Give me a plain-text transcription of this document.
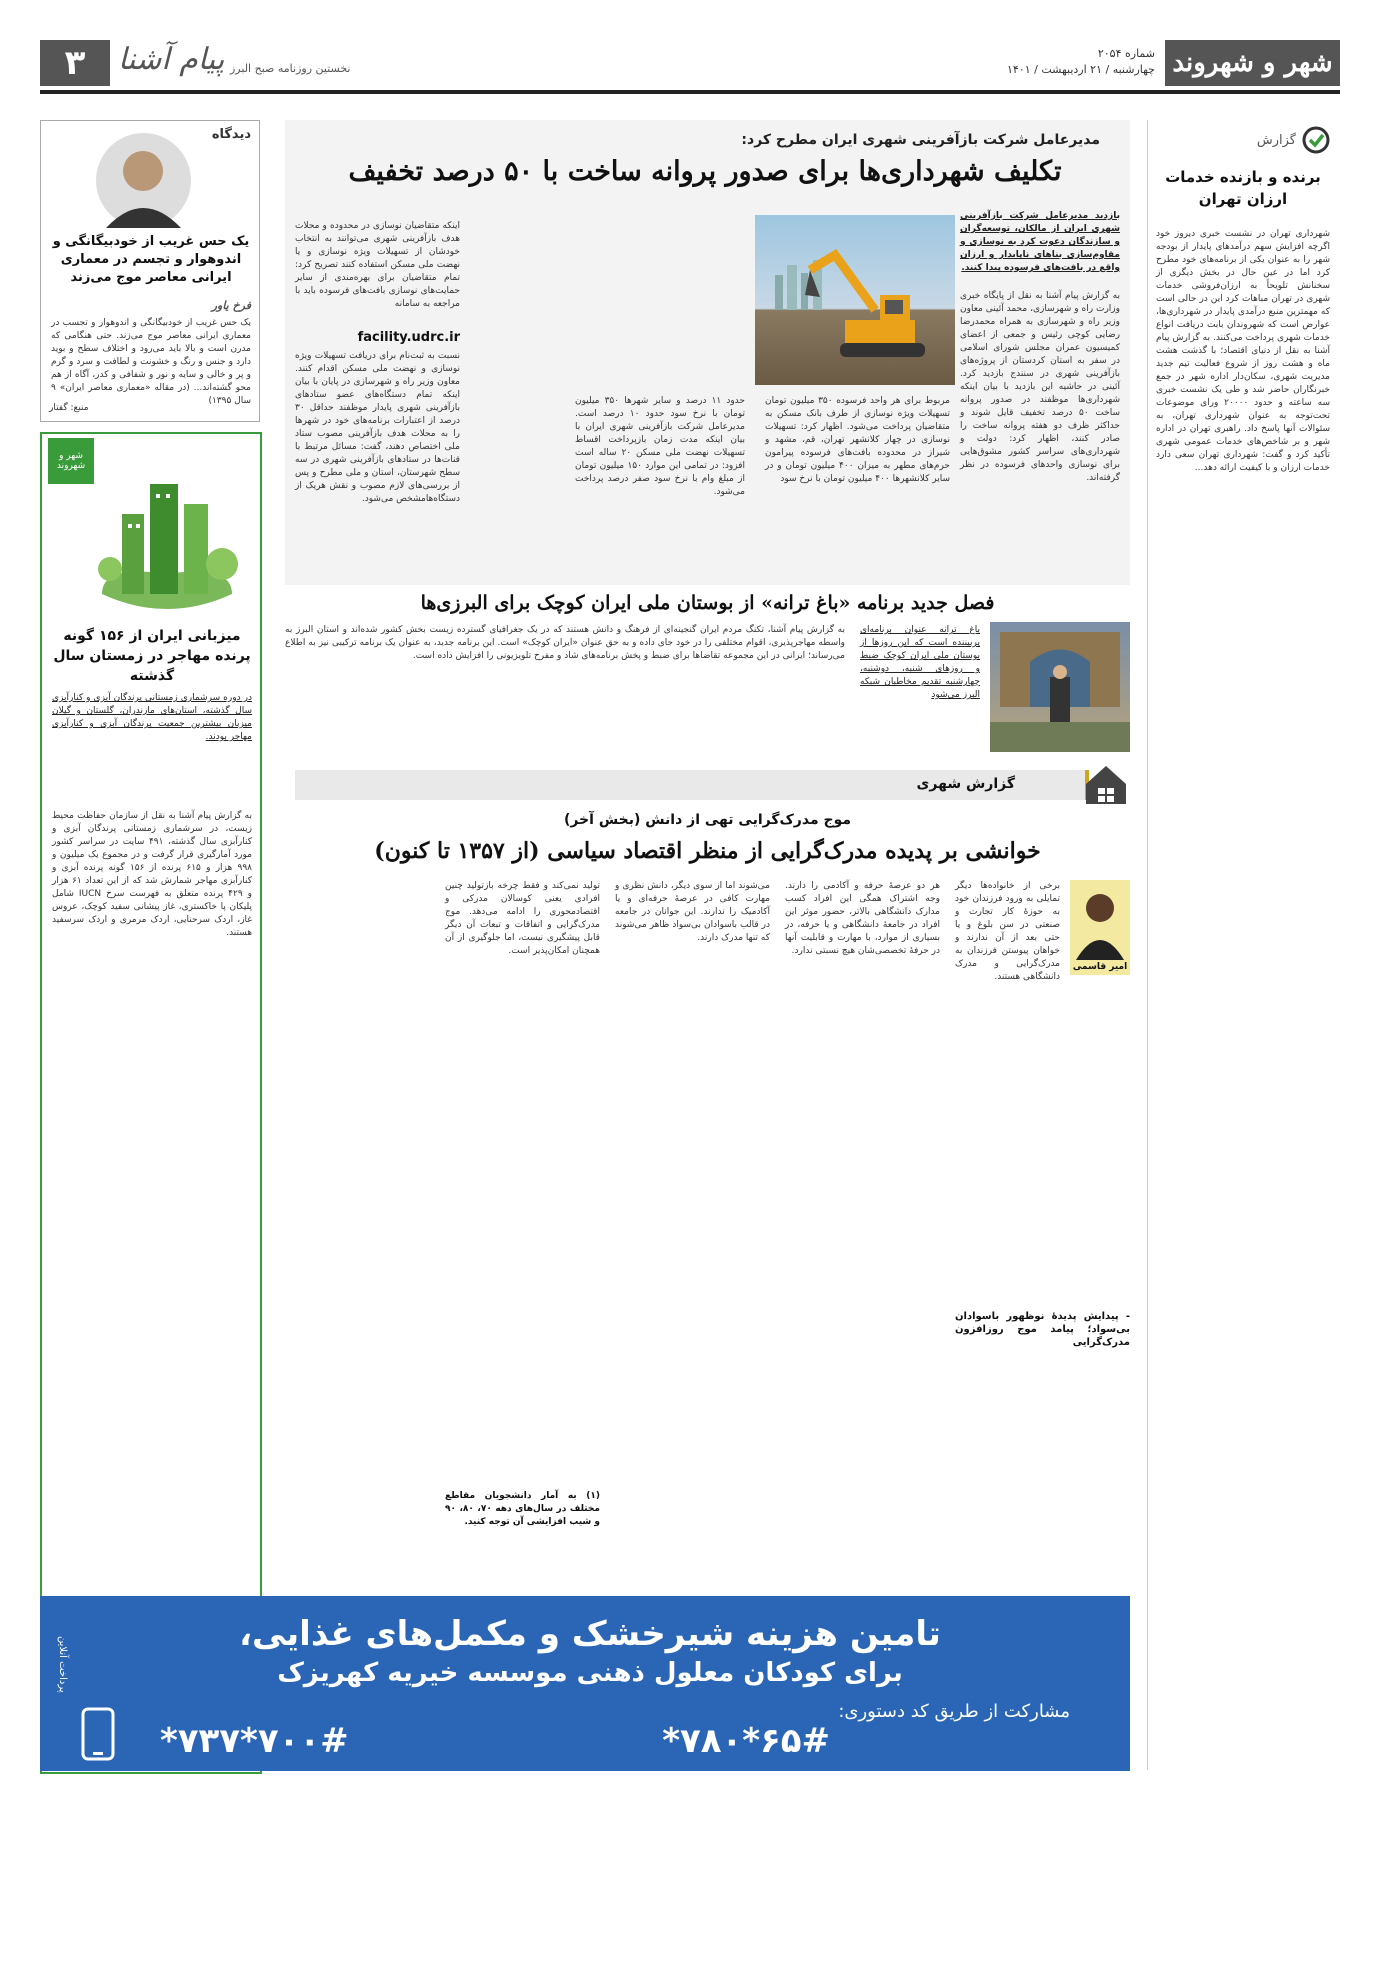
شهر و شهروند
شماره ۲۰۵۴
چهارشنبه / ۲۱ اردیبهشت / ۱۴۰۱
۳	پیام آشنا نخستین روزنامه صبح البرز
گزارش
برنده و بازنده خدمات ارزان تهران
شهرداری تهران در نشست خبری دیروز خود اگرچه افزایش سهم درآمدهای پایدار از بودجه شهر را به عنوان یکی از برنامه‌های خود مطرح کرد اما در عین حال در بخش دیگری از سخنانش تلویحاً به ارزان‌فروشی خدمات شهری در تهران مباهات کرد این در حالی است که مهمترین منبع درآمدی پایدار در شهرداری‌ها، عوارض است که شهروندان بابت دریافت انواع خدمات شهری پرداخت می‌کنند. به گزارش پیام آشنا به نقل از دنیای اقتصاد؛ با گذشت هشت ماه و هشت روز از شروع فعالیت تیم جدید مدیریت شهری، سکان‌دار اداره شهر در جمع خبرنگاران حاضر شد و طی یک نشست خبری سه ساعته و حدود ۲۰۰۰۰ ورای موضوعات تحت‌توجه به عنوان شهرداری تهران، به سئوالات آنها پاسخ داد. راهبری تهران در اداره شهر و بر شاخص‌های خدمات عمومی شهری تأکید کرد و گفت: شهرداری تهران سعی دارد خدمات ارزان و با کیفیت ارائه دهد...
مدیرعامل شرکت بازآفرینی شهری ایران مطرح کرد:
تکلیف شهرداری‌ها برای صدور پروانه ساخت با ۵۰ درصد تخفیف
بازدید مدیرعامل شرکت بازآفرینی شهری ایران از مالکان، توسعه‌گران و سازندگان دعوت کرد به نوسازی و مقاوم‌سازی بناهای ناپایدار و ارزان واقع در بافت‌های فرسوده پیدا کنند.
به گزارش پیام آشنا به نقل از پایگاه خبری وزارت راه و شهرسازی، محمد آئینی معاون وزیر راه و شهرسازی به همراه محمدرضا رضایی کوچی رئیس و جمعی از اعضای کمیسیون عمران مجلس شورای اسلامی در سفر به استان کردستان از پروژه‌های بازآفرینی شهری در سنندج بازدید کرد. آئینی در حاشیه این بازدید با بیان اینکه شهرداری‌ها موظفند در صدور پروانه ساخت ۵۰ درصد تخفیف قایل شوند و حداکثر ظرف دو هفته پروانه ساخت را صادر کنند، اظهار کرد: دولت و شهرداری‌های سراسر کشور مشوق‌هایی برای نوسازی واحدهای فرسوده در نظر گرفته‌اند.
مربوط برای هر واحد فرسوده ۳۵۰ میلیون تومان تسهیلات ویژه نوسازی از طرف بانک مسکن به متقاضیان پرداخت می‌شود. اظهار کرد: تسهیلات نوسازی در چهار کلانشهر تهران، قم، مشهد و شیراز در محدوده بافت‌های فرسوده پیرامون حرم‌های مطهر به میزان ۴۰۰ میلیون تومان و در سایر کلانشهرها ۴۰۰ میلیون تومان با نرخ سود
حدود ۱۱ درصد و سایر شهرها ۳۵۰ میلیون تومان با نرخ سود حدود ۱۰ درصد است. مدیرعامل شرکت بازآفرینی شهری ایران با بیان اینکه مدت زمان بازپرداخت اقساط تسهیلات نهضت ملی مسکن ۲۰ ساله است افزود: در تمامی این موارد ۱۵۰ میلیون تومان از مبلغ وام با نرخ سود صفر درصد پرداخت می‌شود.
اینکه متقاضیان نوسازی در محدوده و محلات هدف بازآفرینی شهری می‌توانند به انتخاب خودشان از تسهیلات ویژه نوسازی و یا نهضت ملی مسکن استفاده کنند تصریح کرد: تمام متقاضیان برای بهره‌مندی از سایر حمایت‌های نوسازی بافت‌های فرسوده باید با مراجعه به سامانه
facility.udrc.ir
نسبت به ثبت‌نام برای دریافت تسهیلات ویژه نوسازی و نهضت ملی مسکن اقدام کنند. معاون وزیر راه و شهرسازی در پایان با بیان اینکه تمام دستگاه‌های عضو ستادهای بازآفرینی شهری پایدار موظفند حداقل ۳۰ درصد از اعتبارات برنامه‌های خود در شهرها را به محلات هدف بازآفرینی مصوب ستاد ملی اختصاص دهند، گفت: مسائل مرتبط با قنات‌ها در ستادهای بازآفرینی شهری در سه سطح شهرستان، استان و ملی مطرح و پس از بررسی‌های لازم مصوب و نقش هریک از دستگاه‌هامشخص می‌شود.
فصل جدید برنامه «باغ ترانه» از بوستان ملی ایران کوچک برای البرزی‌ها
باغ ترانه عنوان برنامه‌ای پربیننده است که این روزها از بوستان ملی ایران کوچک ضبط و روزهای شنبه، دوشنبه، چهارشنبه تقدیم مخاطبان شبکه البرز می‌شود
به گزارش پیام آشنا، تکنگ مردم ایران گنجینه‌ای از فرهنگ و دانش هستند که در یک جغرافیای گسترده زیست بخش کشور شده‌اند و استان البرز به واسطه مهاجرپذیری، اقوام مختلفی را در خود جای داده و به حق عنوان «ایران کوچک» است. این برنامه جدید، به عنوان یک برنامه ترکیبی نیز به اطلاع می‌رساند؛ ایرانی در این مجموعه تقاضاها برای ضبط و پخش برنامه‌های شاد و مفرح تلویزیونی را افزایش داده است.
گزارش شهری
موج مدرک‌گرایی تهی از دانش (بخش آخر)
خوانشی بر پدیده مدرک‌گرایی از منظر اقتصاد سیاسی (از ۱۳۵۷ تا کنون)
امیر قاسمی
برخی از خانواده‌ها دیگر تمایلی به ورود فرزندان خود به حوزۀ کار تجارت و صنعتی در سن بلوغ و یا حتی بعد از آن ندارند و خواهان پیوستن فرزندان به مدرک‌گرایی و مدرک دانشگاهی هستند.
- پیدایش پدیدۀ نوظهور باسوادان بی‌سواد؛ پیامد موج روزافزون مدرک‌گرایی
هر دو عرصۀ حرفه و آکادمی را دارند. وجه اشتراک همگی این افراد کسب مدارک دانشگاهی بالاتر، حضور موثر این افراد در جامعۀ دانشگاهی و یا حرفه، در بسیاری از موارد، با مهارت و قابلیت آنها در حرفۀ تخصصی‌شان هیچ نسبتی ندارد.
می‌شوند اما از سوی دیگر، دانش نظری و مهارت کافی در عرصۀ حرفه‌ای و یا آکادمیک را ندارند. این جوانان در جامعه در قالب باسوادان بی‌سواد ظاهر می‌شوند که تنها مدرک دارند.
تولید نمی‌کند و فقط چرخه بازتولید چنین افرادی یعنی کوسالان مدرکی و اقتصادمحوری را ادامه می‌دهد. موج مدرک‌گرایی و اتفاقات و تبعات آن دیگر قابل پیشگیری نیست، اما جلوگیری از آن همچنان امکان‌پذیر است.
(۱) به آمار دانشجویان مقاطع مختلف در سال‌های دهه ۷۰، ۸۰، ۹۰ و شیب افزایشی آن توجه کنید.
دیدگاه
یک حس غریب از خودبیگانگی و اندوهوار و تجسم در معماری ایرانی معاصر موج می‌زند
فرخ یاور
یک حس غریب از خودبیگانگی و اندوهوار و تجسب در معماری ایرانی معاصر موج می‌زند. حتی هنگامی که مدرن است و بالا باید می‌رود و اختلاف سطح و بوید دارد و جنس و رنگ و خشونت و لطافت و سرد و گرم و پر و خالی و سایه و نور و شفافی و کدر، آگاه از هم محو گشته‌اند... (در مقاله «معماری معاصر ایران» ۹ سال ۱۳۹۵)
منبع: گفتار
شهر و شهروند
میزبانی ایران از ۱۵۶ گونه پرنده مهاجر در زمستان سال گذشته
در دوره سرشماری زمستانی پرندگان آبزی و کنارآبزی سال گذشته، استان‌های مازندران، گلستان و گیلان میزبان بیشترین جمعیت پرندگان آبزی و کنارآبزی مهاجر بودند.
به گزارش پیام آشنا به نقل از سازمان حفاظت محیط زیست، در سرشماری زمستانی پرندگان آبزی و کنارآبزی سال گذشته، ۴۹۱ سایت در سراسر کشور مورد آمارگیری قرار گرفت و در مجموع یک میلیون و ۹۹۸ هزار و ۶۱۵ پرنده از ۱۵۶ گونه پرنده آبزی و کنارآبزی مهاجر شمارش شد که از این تعداد ۶۱ هزار و ۴۲۹ پرنده متعلق به فهرست سرخ IUCN شامل پلیکان پا خاکستری، غاز پیشانی سفید کوچک، عروس غاز، اردک سرحنایی، اردک مرمری و اردک سرسفید هستند.
تامین هزینه شیرخشک و مکمل‌های غذایی،
برای کودکان معلول ذهنی موسسه خیریه کهریزک
مشارکت از طریق کد دستوری:
*۷۸۰*۶۵#
*۷۳۷*۷۰۰#
پرداخت آنلاین
